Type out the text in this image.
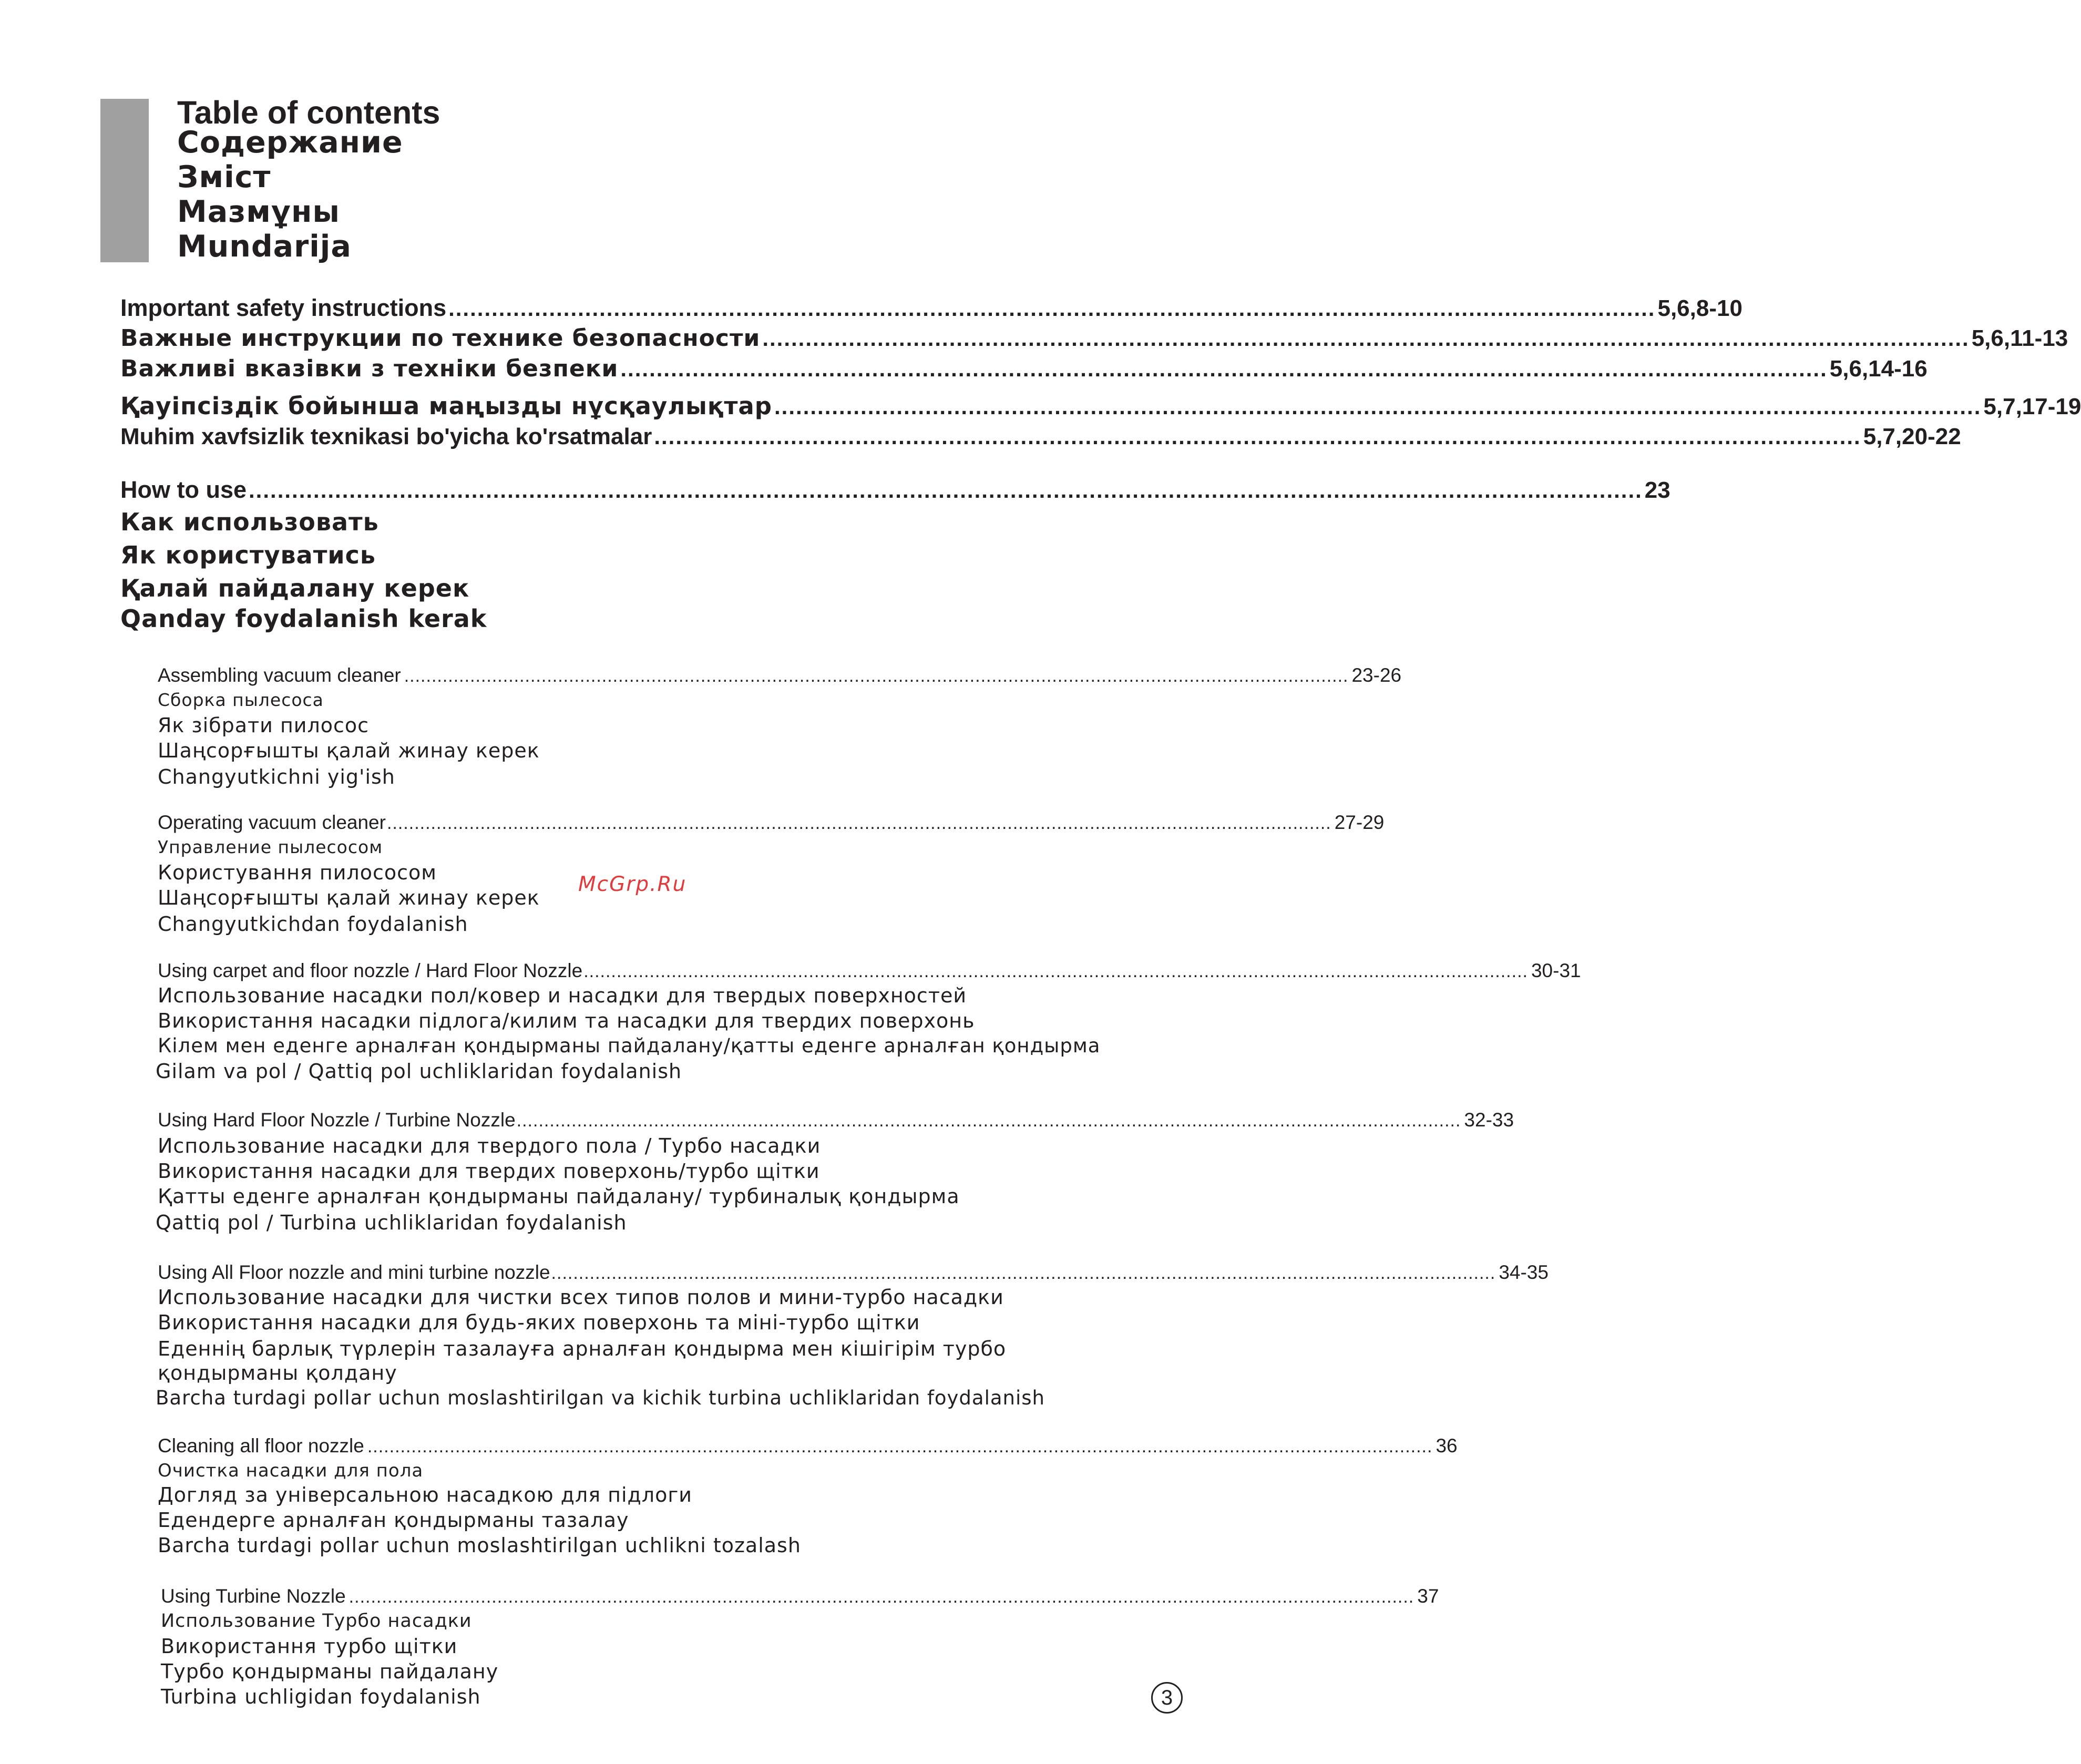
Table of contents
Содержание
Зміст
Мазмұны
Mundarija
Important safety instructions ........................................................................................................................................................................ 5,6,8-10
Важные инструкции по технике безопасности ........................................................................................................................................................................ 5,6,11-13
Важливі вказівки з техніки безпеки ........................................................................................................................................................................ 5,6,14-16
Қауіпсіздік бойынша маңызды нұсқаулықтар ........................................................................................................................................................................ 5,7,17-19
Muhim xavfsizlik texnikasi bo'yicha ko'rsatmalar ........................................................................................................................................................................ 5,7,20-22
How to use .................................................................................................................................................................................................. 23
Как использовать
Як користуватись
Қалай пайдалану керек
Qanday foydalanish kerak
Assembling vacuum cleaner ............................................................................................................................................................................ 23-26
Сборка пылесоса
Як зібрати пилосос
Шаңсорғышты қалай жинау керек
Changyutkichni yig'ish
Operating vacuum cleaner ............................................................................................................................................................................ 27-29
Управление пылесосом
Користування пилососом
Шаңсорғышты қалай жинау керек
Changyutkichdan foydalanish
McGrp.Ru
Using carpet and floor nozzle / Hard Floor Nozzle ............................................................................................................................................................................ 30-31
Использование насадки пол/ковер и насадки для твердых поверхностей
Використання насадки підлога/килим та насадки для твердих поверхонь
Кілем мен еденге арналған қондырманы пайдалану/қатты еденге арналған қондырма
Gilam va pol / Qattiq pol uchliklaridan foydalanish
Using Hard Floor Nozzle / Turbine Nozzle ............................................................................................................................................................................ 32-33
Использование насадки для твердого пола / Турбо насадки
Використання насадки для твердих поверхонь/турбо щітки
Қатты еденге арналған қондырманы пайдалану/ турбиналық қондырма
Qattiq pol / Turbina uchliklaridan foydalanish
Using All Floor nozzle and mini turbine nozzle ............................................................................................................................................................................ 34-35
Использование насадки для чистки всех типов полов и мини-турбо насадки
Використання насадки для будь-яких поверхонь та міні-турбо щітки
Еденнің барлық түрлерін тазалауға арналған қондырма мен кішігірім турбо
қондырманы қолдану
Barcha turdagi pollar uchun moslashtirilgan va kichik turbina uchliklaridan foydalanish
Cleaning all floor nozzle .................................................................................................................................................................................................. 36
Очистка насадки для пола
Догляд за універсальною насадкою для підлоги
Едендерге арналған қондырманы тазалау
Barcha turdagi pollar uchun moslashtirilgan uchlikni tozalash
Using Turbine Nozzle .................................................................................................................................................................................................. 37
Использование Турбо насадки
Використання турбо щітки
Турбо қондырманы пайдалану
Turbina uchligidan foydalanish	3
